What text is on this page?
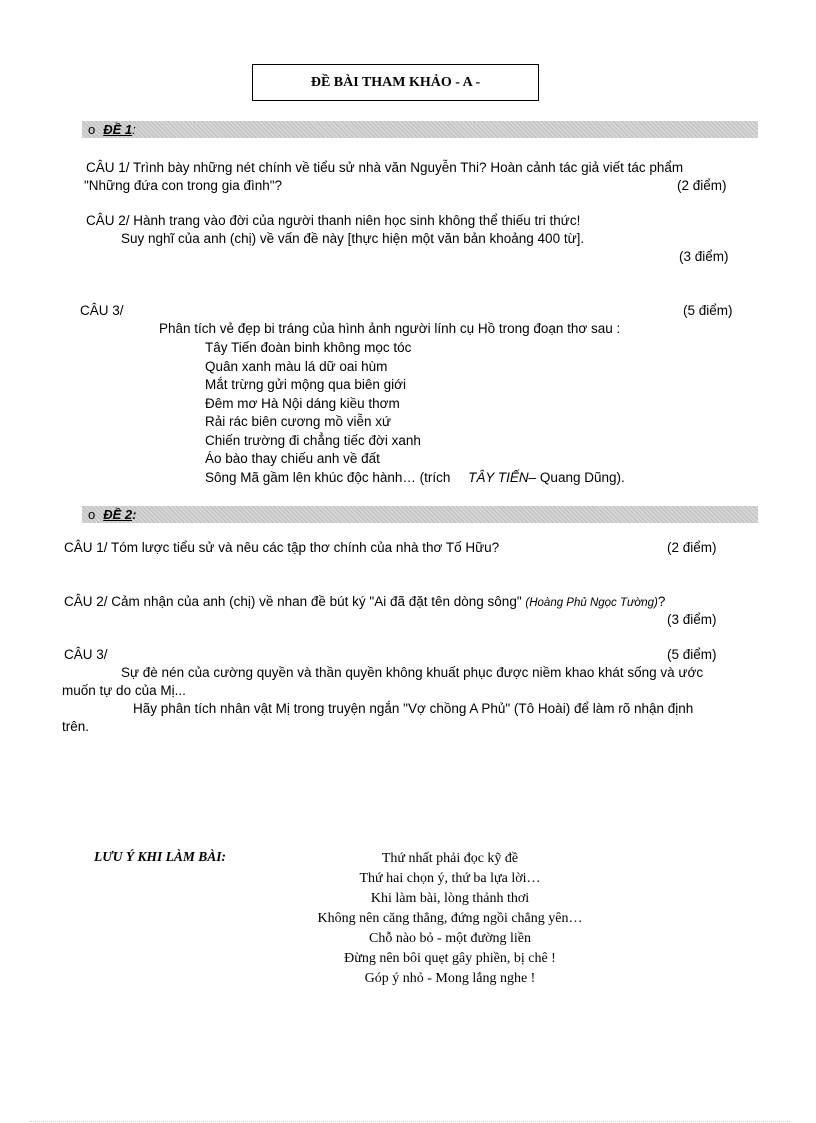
ĐỀ BÀI THAM KHẢO - A -
o ĐỀ 1:
CÂU 1/ Trình bày những nét chính về tiểu sử nhà văn Nguyễn Thi? Hoàn cảnh tác giả viết tác phẩm
"Những đứa con trong gia đình"?	(2 điểm)
CÂU 2/ Hành trang vào đời của người thanh niên học sinh không thể thiếu tri thức!
Suy nghĩ của anh (chị) về vấn đề này [thực hiện một văn bản khoảng 400 từ].
(3 điểm)
CÂU 3/	(5 điểm)
Phân tích vẻ đẹp bi tráng của hình ảnh người lính cụ Hồ trong đoạn thơ sau :
Tây Tiến đoàn binh không mọc tóc
Quân xanh màu lá dữ oai hùm
Mắt trừng gửi mộng qua biên giới
Đêm mơ Hà Nội dáng kiều thơm
Rải rác biên cương mồ viễn xứ
Chiến trường đi chẳng tiếc đời xanh
Áo bào thay chiếu anh về đất
Sông Mã gầm lên khúc độc hành… (trích TÂY TIẾN– Quang Dũng).
o ĐỀ 2:
CÂU 1/ Tóm lược tiểu sử và nêu các tập thơ chính của nhà thơ Tố Hữu?	(2 điểm)
CÂU 2/ Cảm nhận của anh (chị) về nhan đề bút ký "Ai đã đặt tên dòng sông" (Hoàng Phủ Ngọc Tường)?
(3 điểm)
CÂU 3/	(5 điểm)
Sự đè nén của cường quyền và thần quyền không khuất phục được niềm khao khát sống và ước
muốn tự do của Mị...
Hãy phân tích nhân vật Mị trong truyện ngắn "Vợ chồng A Phủ" (Tô Hoài) để làm rõ nhận định
trên.
LƯU Ý KHI LÀM BÀI:	Thứ nhất phải đọc kỹ đề
Thứ hai chọn ý, thứ ba lựa lời…
Khi làm bài, lòng thảnh thơi
Không nên căng thẳng, đứng ngồi chẳng yên…
Chỗ nào bỏ - một đường liền
Đừng nên bôi quẹt gây phiền, bị chê !
Góp ý nhỏ - Mong lắng nghe !
